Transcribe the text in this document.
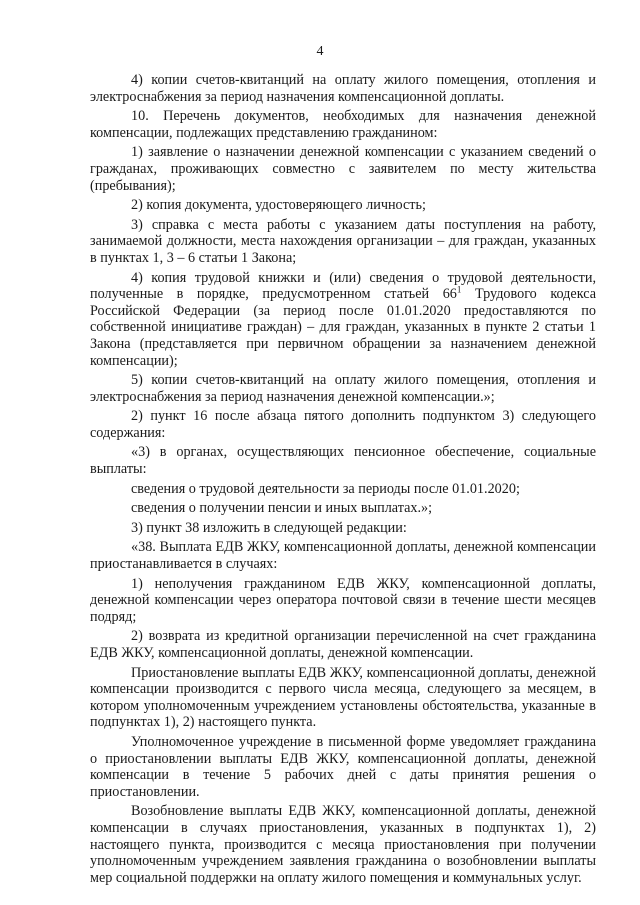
4

4) копии счетов-квитанций на оплату жилого помещения, отопления и электроснабжения за период назначения компенсационной доплаты.

10. Перечень документов, необходимых для назначения денежной компенсации, подлежащих представлению гражданином:

1) заявление о назначении денежной компенсации с указанием сведений о гражданах, проживающих совместно с заявителем по месту жительства (пребывания);

2) копия документа, удостоверяющего личность;

3) справка с места работы с указанием даты поступления на работу, занимаемой должности, места нахождения организации – для граждан, указанных в пунктах 1, 3 – 6 статьи 1 Закона;

4) копия трудовой книжки и (или) сведения о трудовой деятельности, полученные в порядке, предусмотренном статьей 66$^1$ Трудового кодекса Российской Федерации (за период после 01.01.2020 предоставляются по собственной инициативе граждан) – для граждан, указанных в пункте 2 статьи 1 Закона (представляется при первичном обращении за назначением денежной компенсации);

5) копии счетов-квитанций на оплату жилого помещения, отопления и электроснабжения за период назначения денежной компенсации.»;

2) пункт 16 после абзаца пятого дополнить подпунктом 3) следующего содержания:

«3) в органах, осуществляющих пенсионное обеспечение, социальные выплаты:

сведения о трудовой деятельности за периоды после 01.01.2020;

сведения о получении пенсии и иных выплатах.»;

3) пункт 38 изложить в следующей редакции:

«38. Выплата ЕДВ ЖКУ, компенсационной доплаты, денежной компенсации приостанавливается в случаях:

1) неполучения гражданином ЕДВ ЖКУ, компенсационной доплаты, денежной компенсации через оператора почтовой связи в течение шести месяцев подряд;

2) возврата из кредитной организации перечисленной на счет гражданина ЕДВ ЖКУ, компенсационной доплаты, денежной компенсации.

Приостановление выплаты ЕДВ ЖКУ, компенсационной доплаты, денежной компенсации производится с первого числа месяца, следующего за месяцем, в котором уполномоченным учреждением установлены обстоятельства, указанные в подпунктах 1), 2) настоящего пункта.

Уполномоченное учреждение в письменной форме уведомляет гражданина о приостановлении выплаты ЕДВ ЖКУ, компенсационной доплаты, денежной компенсации в течение 5 рабочих дней с даты принятия решения о приостановлении.

Возобновление выплаты ЕДВ ЖКУ, компенсационной доплаты, денежной компенсации в случаях приостановления, указанных в подпунктах 1), 2) настоящего пункта, производится с месяца приостановления при получении уполномоченным учреждением заявления гражданина о возобновлении выплаты мер социальной поддержки на оплату жилого помещения и коммунальных услуг.
